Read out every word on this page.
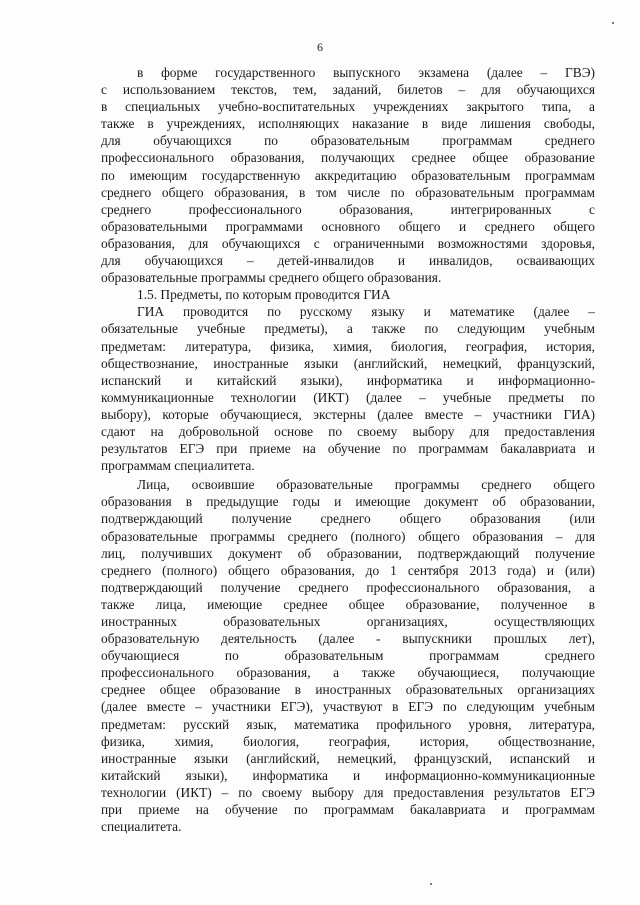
6
в форме государственного выпускного экзамена (далее – ГВЭ)
с использованием текстов, тем, заданий, билетов – для обучающихся
в специальных учебно-воспитательных учреждениях закрытого типа, а
также в учреждениях, исполняющих наказание в виде лишения свободы,
для обучающихся по образовательным программам среднего
профессионального образования, получающих среднее общее образование
по имеющим государственную аккредитацию образовательным программам
среднего общего образования, в том числе по образовательным программам
среднего профессионального образования, интегрированных с
образовательными программами основного общего и среднего общего
образования, для обучающихся с ограниченными возможностями здоровья,
для обучающихся – детей-инвалидов и инвалидов, осваивающих
образовательные программы среднего общего образования.
1.5. Предметы, по которым проводится ГИА
ГИА проводится по русскому языку и математике (далее –
обязательные учебные предметы), а также по следующим учебным
предметам: литература, физика, химия, биология, география, история,
обществознание, иностранные языки (английский, немецкий, французский,
испанский и китайский языки), информатика и информационно-
коммуникационные технологии (ИКТ) (далее – учебные предметы по
выбору), которые обучающиеся, экстерны (далее вместе – участники ГИА)
сдают на добровольной основе по своему выбору для предоставления
результатов ЕГЭ при приеме на обучение по программам бакалавриата и
программам специалитета.
Лица, освоившие образовательные программы среднего общего
образования в предыдущие годы и имеющие документ об образовании,
подтверждающий получение среднего общего образования (или
образовательные программы среднего (полного) общего образования – для
лиц, получивших документ об образовании, подтверждающий получение
среднего (полного) общего образования, до 1 сентября 2013 года) и (или)
подтверждающий получение среднего профессионального образования, а
также лица, имеющие среднее общее образование, полученное в
иностранных образовательных организациях, осуществляющих
образовательную деятельность (далее - выпускники прошлых лет),
обучающиеся по образовательным программам среднего
профессионального образования, а также обучающиеся, получающие
среднее общее образование в иностранных образовательных организациях
(далее вместе – участники ЕГЭ), участвуют в ЕГЭ по следующим учебным
предметам: русский язык, математика профильного уровня, литература,
физика, химия, биология, география, история, обществознание,
иностранные языки (английский, немецкий, французский, испанский и
китайский языки), информатика и информационно-коммуникационные
технологии (ИКТ) – по своему выбору для предоставления результатов ЕГЭ
при приеме на обучение по программам бакалавриата и программам
специалитета.
